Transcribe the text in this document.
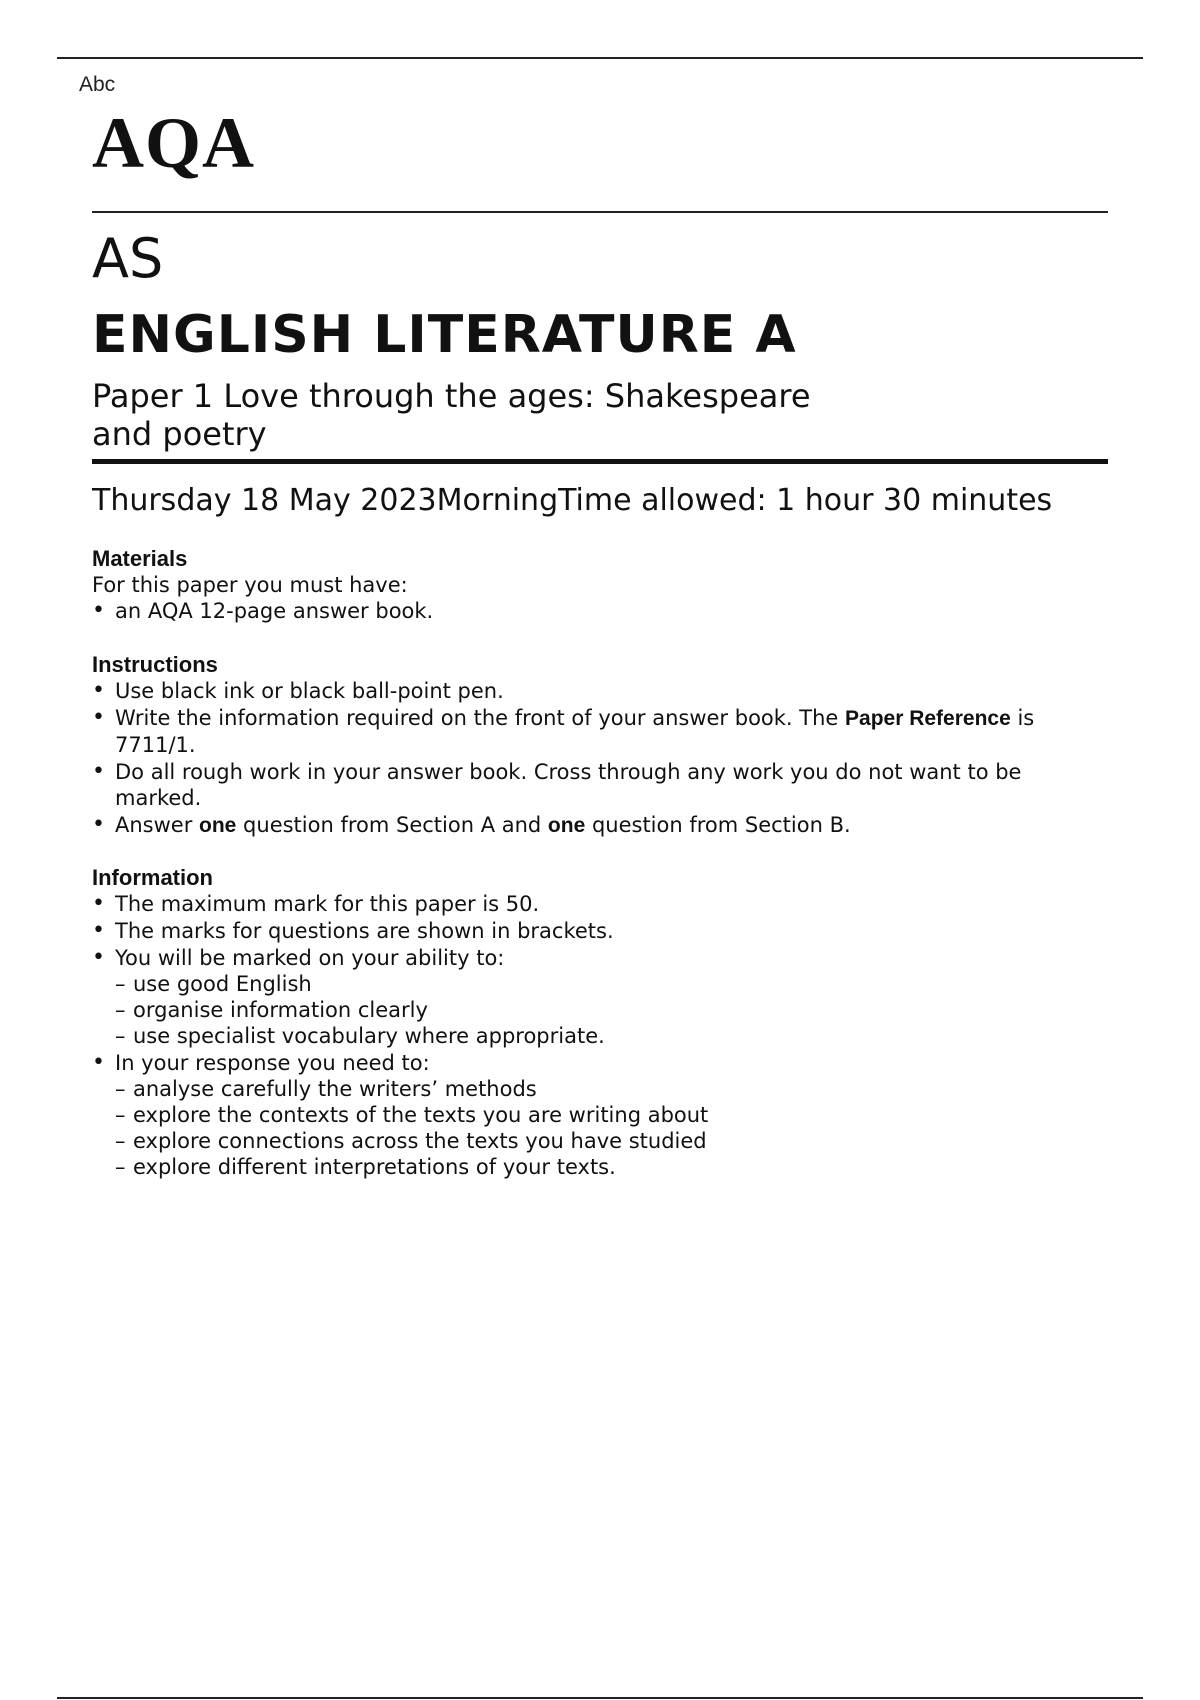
Abc
AQA
AS
ENGLISH LITERATURE A
Paper 1 Love through the ages: Shakespeare and poetry
Thursday 18 May 2023MorningTime allowed: 1 hour 30 minutes
Materials
For this paper you must have:
• an AQA 12-page answer book.
Instructions
• Use black ink or black ball-point pen.
• Write the information required on the front of your answer book. The Paper Reference is 7711/1.
• Do all rough work in your answer book. Cross through any work you do not want to be marked.
• Answer one question from Section A and one question from Section B.
Information
• The maximum mark for this paper is 50.
• The marks for questions are shown in brackets.
• You will be marked on your ability to:
– use good English
– organise information clearly
– use specialist vocabulary where appropriate.
• In your response you need to:
– analyse carefully the writers’ methods
– explore the contexts of the texts you are writing about
– explore connections across the texts you have studied
– explore different interpretations of your texts.
